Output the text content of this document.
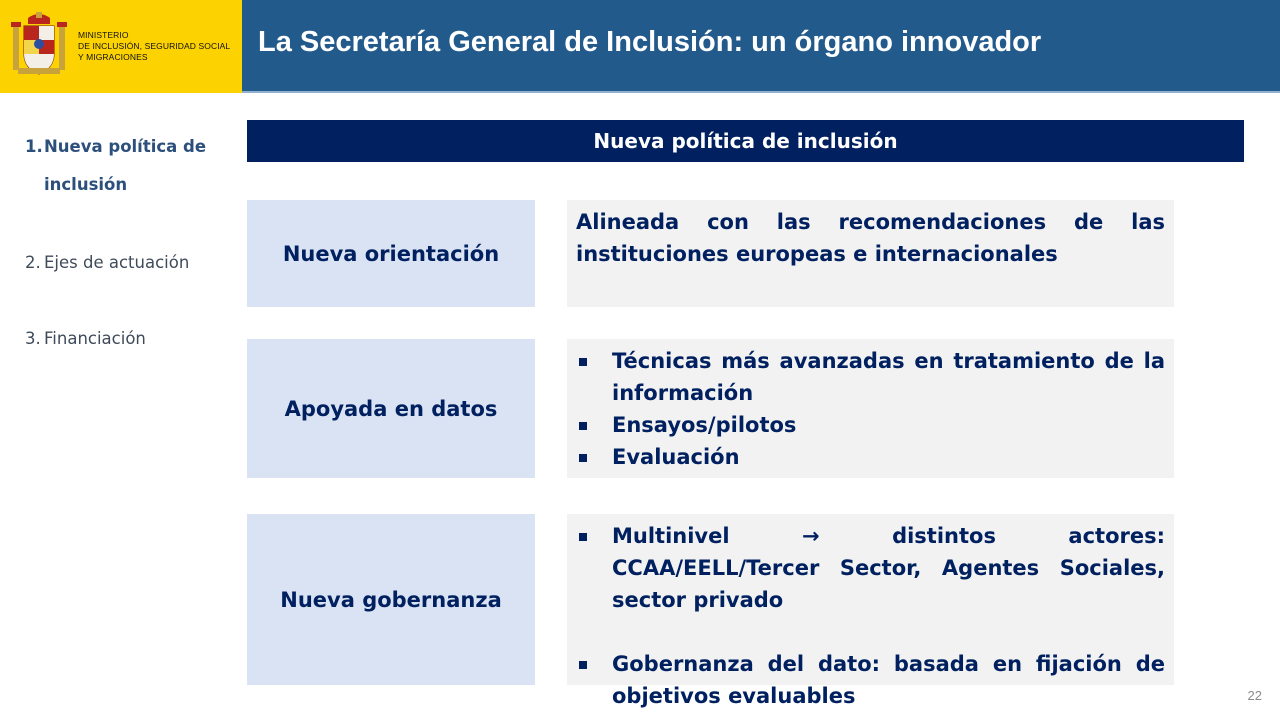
MINISTERIO
DE INCLUSIÓN, SEGURIDAD SOCIAL
Y MIGRACIONES	La Secretaría General de Inclusión: un órgano innovador
1. Nueva política de inclusión
2. Ejes de actuación
3. Financiación
Nueva política de inclusión
Nueva orientación
Alineada con las recomendaciones de las instituciones europeas e internacionales
Apoyada en datos
Técnicas más avanzadas en tratamiento de la información
Ensayos/pilotos
Evaluación
Nueva gobernanza
Multinivel → distintos actores: CCAA/EELL/Tercer Sector, Agentes Sociales, sector privado
Gobernanza del dato: basada en fijación de objetivos evaluables	22
